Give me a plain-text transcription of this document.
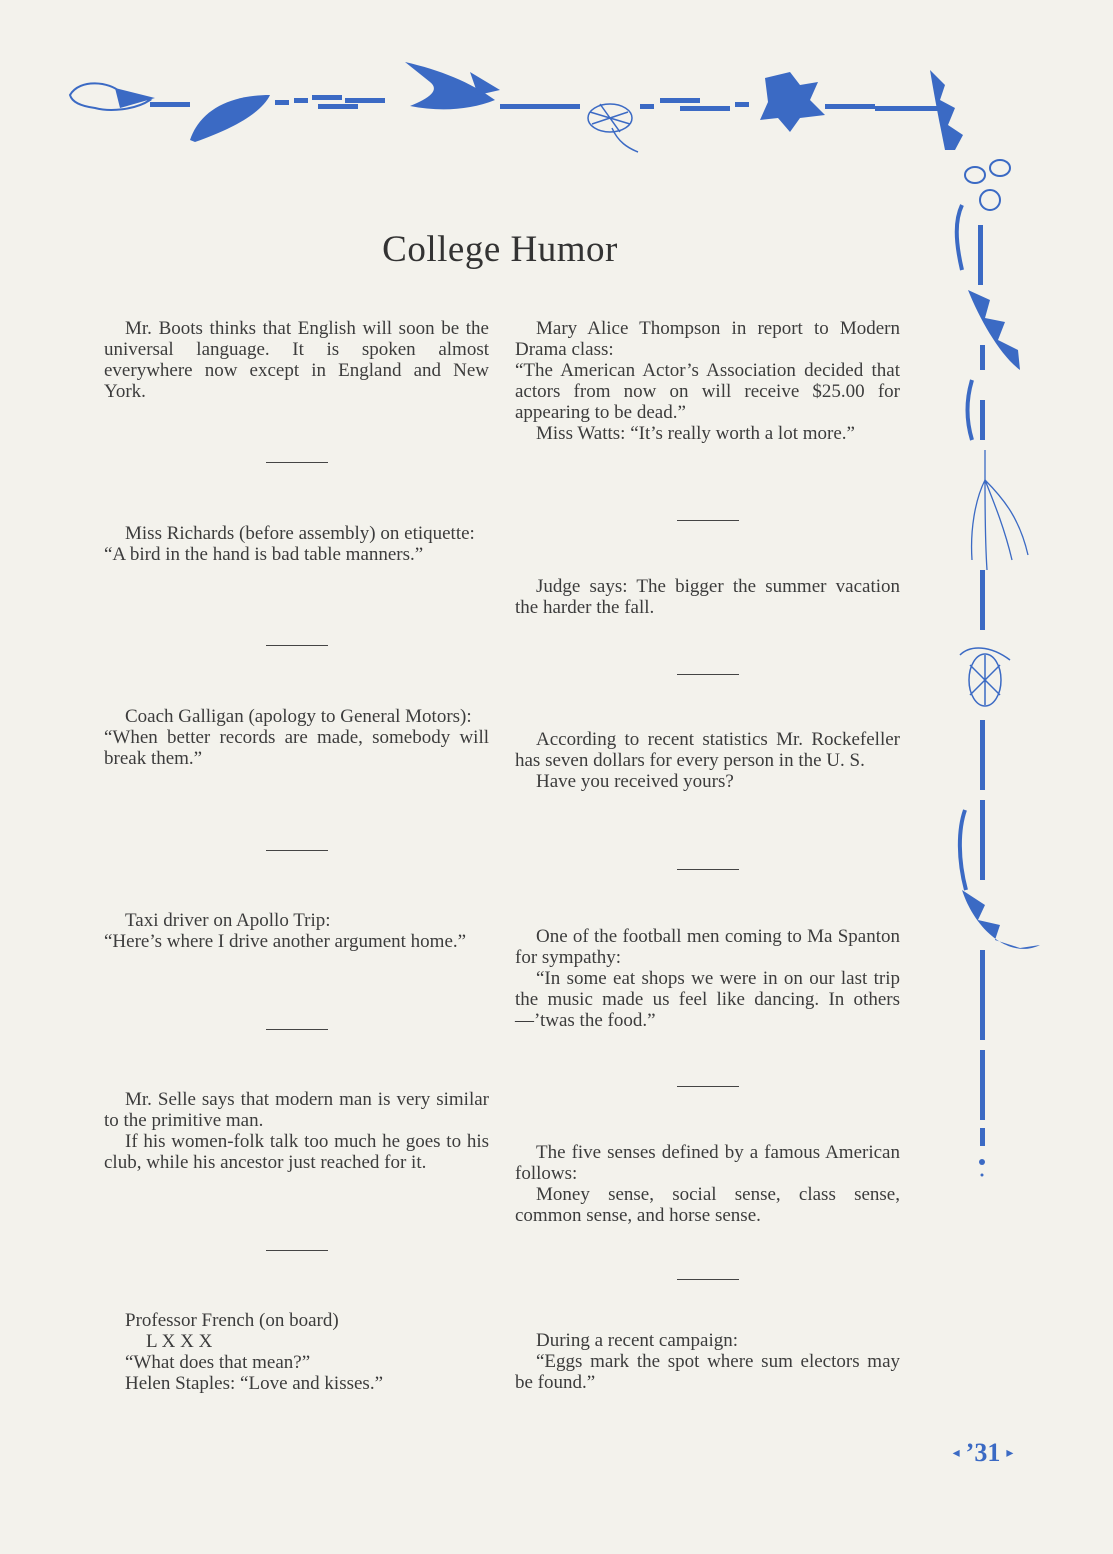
College Humor

Mr. Boots thinks that English will soon be the universal language. It is spoken almost everywhere now except in England and New York.

Miss Richards (before assembly) on etiquette:

“A bird in the hand is bad table manners.”

Coach Galligan (apology to General Motors):

“When better records are made, somebody will break them.”

Taxi driver on Apollo Trip:

“Here’s where I drive another argument home.”

Mr. Selle says that modern man is very similar to the primitive man.

If his women-folk talk too much he goes to his club, while his ancestor just reached for it.

Professor French (on board)

L X X X

“What does that mean?”

Helen Staples: “Love and kisses.”

Mary Alice Thompson in report to Modern Drama class:

“The American Actor’s Association decided that actors from now on will receive $25.00 for appearing to be dead.”

Miss Watts: “It’s really worth a lot more.”

Judge says: The bigger the summer vacation the harder the fall.

According to recent statistics Mr. Rockefeller has seven dollars for every person in the U. S.

Have you received yours?

One of the football men coming to Ma Spanton for sympathy:

“In some eat shops we were in on our last trip the music made us feel like dancing. In others—’twas the food.”

The five senses defined by a famous American follows:

Money sense, social sense, class sense, common sense, and horse sense.

During a recent campaign:

“Eggs mark the spot where sum electors may be found.”

◂ ’31 ▸
